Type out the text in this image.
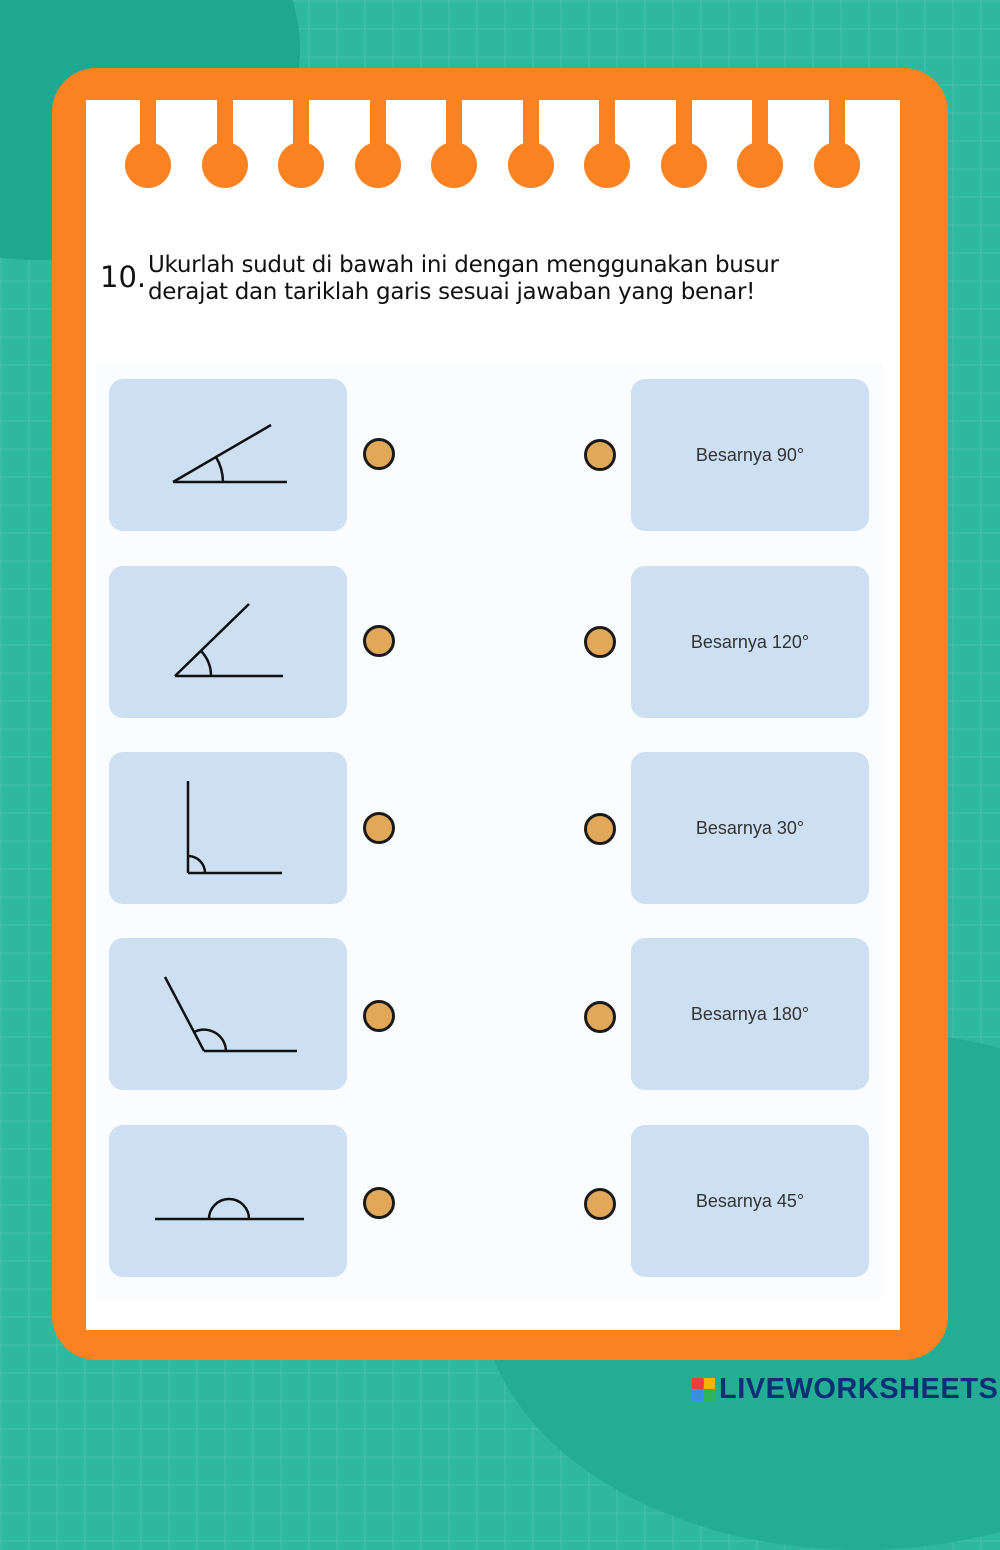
10. Ukurlah sudut di bawah ini dengan menggunakan busur
derajat dan tariklah garis sesuai jawaban yang benar!
Besarnya 90°
Besarnya 120°
Besarnya 30°
Besarnya 180°
Besarnya 45°
LIVEWORKSHEETS
